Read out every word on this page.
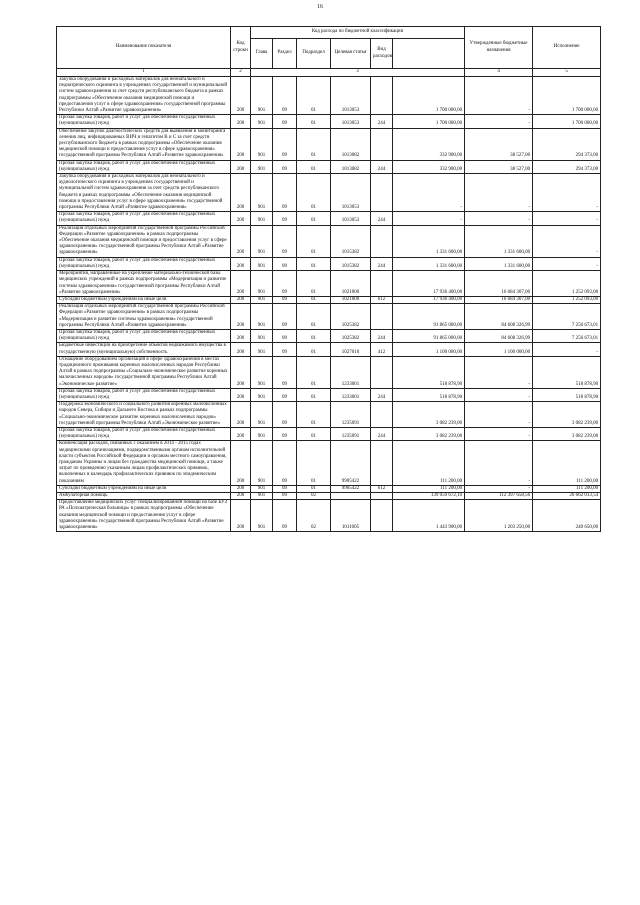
16
Наименование показателя	Код строки	Код расхода по бюджетной классификации						Утвержденные бюджетные назначения	Исполнение	
		Глава	Раздел	Подраздел	Целевая статья	Вид расходов				
1	2	3						4	5	
Закупка оборудования и расходных материалов для неонатального и педиатрического скрининга в учреждениях государственной и муниципальной систем здравоохранения за счет средств республиканского бюджета в рамках подпрограммы «Обеспечение оказания медицинской помощи и предоставления услуг в сфере здравоохранения» государственной программы Республики Алтай «Развитие здравоохранения»	200	901	09	01	1013053		1 700 000,00	-	1 700 000,00	
Прочая закупка товаров, работ и услуг для обеспечения государственных (муниципальных) нужд	200	901	09	01	1013053	244	1 700 000,00	-	1 700 000,00	
Обеспечение закупок диагностических средств для выявления и мониторинга лечения лиц, инфицированных ВИЧ и гепатитом В и С за счет средств республиканского бюджета в рамках подпрограммы «Обеспечение оказания медицинской помощи и предоставления услуг в сфере здравоохранения» государственной программы Республики Алтай «Развитие здравоохранения»	200	901	09	01	1013082		332 900,00	38 527,00	294 373,00	
Прочая закупка товаров, работ и услуг для обеспечения государственных (муниципальных) нужд	200	901	09	01	1013082	244	332 900,00	38 527,00	294 373,00	
Закупка оборудования и расходных материалов для неонатального и аудиологического скрининга в учреждениях государственной и муниципальной систем здравоохранения за счет средств республиканского бюджета в рамках подпрограммы «Обеспечение оказания медицинской помощи и предоставления услуг в сфере здравоохранения» государственной программы Республики Алтай «Развитие здравоохранения»	200	901	09	01	1013053		-	-	-	
Прочая закупка товаров, работ и услуг для обеспечения государственных (муниципальных) нужд	200	901	09	01	1013053	244	-	-	-	
Реализация отдельных мероприятий государственной программы Российской Федерации «Развитие здравоохранения» в рамках подпрограммы «Обеспечение оказания медицинской помощи и предоставления услуг в сфере здравоохранения» государственной программы Республики Алтай «Развитие здравоохранения»	200	901	09	01	1015382		1 331 600,00	1 331 600,00	-	
Прочая закупка товаров, работ и услуг для обеспечения государственных (муниципальных) нужд	200	901	09	01	1015382	244	1 331 600,00	1 331 600,00	-	
Мероприятия, направленные на укрепление материально-технической базы медицинских учреждений в рамках подпрограммы «Модернизация и развитие системы здравоохранения» государственной программы Республики Алтай «Развитие здравоохранения»	200	901	09	01	1021000		17 936 400,00	16 684 307,00	1 252 093,00	
Субсидии бюджетным учреждениям на иные цели	200	901	09	01	1021000	612	17 936 400,00	16 684 307,00	1 252 093,00	
Реализация отдельных мероприятий государственной программы Российской Федерации «Развитие здравоохранения» в рамках подпрограммы «Модернизация и развитие системы здравоохранения» государственной программы Республики Алтай «Развитие здравоохранения»	200	901	09	01	1025382		91 865 000,00	84 608 326,99	7 256 673,01	
Прочая закупка товаров, работ и услуг для обеспечения государственных (муниципальных) нужд	200	901	09	01	1025382	244	91 865 000,00	84 608 326,99	7 256 673,01	
Бюджетные инвестиции на приобретение объектов недвижимого имущества в государственную (муниципальную) собственность	200	901	09	01	1027010	412	1 100 000,00	1 100 000,00	-	
Оснащение оборудованием организаций в сфере здравоохранения в местах традиционного проживания коренных малочисленных народов Республики Алтай в рамках подпрограммы «Социально-экономическое развитие коренных малочисленных народов» государственной программы Республики Алтай «Экономическое развитие»	200	901	09	01	1233001		518 878,90	-	518 878,90	
Прочая закупка товаров, работ и услуг для обеспечения государственных (муниципальных) нужд	200	901	09	01	1233001	244	518 878,90	-	518 878,90	
Поддержка экономического и социального развития коренных малочисленных народов Севера, Сибири и Дальнего Востока в рамках подпрограммы «Социально-экономическое развитие коренных малочисленных народов» государственной программы Республики Алтай «Экономическое развитие»	200	901	09	01	1235091		3 082 239,00	-	3 082 239,00	
Прочая закупка товаров, работ и услуг для обеспечения государственных (муниципальных) нужд	200	901	09	01	1235091	244	3 082 239,00	-	3 082 239,00	
Компенсация расходов, связанных с оказанием в 2014 - 2015 годах медицинскими организациями, подведомственными органам исполнительной власти субъектов Российской Федерации и органам местного самоуправления, гражданам Украины и лицам без гражданства медицинской помощи, а также затрат по проведению указанным лицам профилактических прививок, включенных в календарь профилактических прививок по эпидемическим показаниям	200	901	09	01	9905422		111 200,00	-	111 200,00	
Субсидии бюджетным учреждениям на иные цели	200	901	09	01	9905422	612	111 200,00	-	111 200,00	
Амбулаторная помощь	200	901	09	02			139 059 672,10	112 397 658,56	26 662 013,54	
Предоставление медицинских услуг специализированной помощи на базе БУЗ РА «Психиатрическая больница» в рамках подпрограммы «Обеспечение оказания медицинской помощи и предоставления услуг в сфере здравоохранения» государственной программы Республики Алтай «Развитие здравоохранения»	200	901	09	02	1011005		1 443 900,00	1 203 250,00	240 650,00	
